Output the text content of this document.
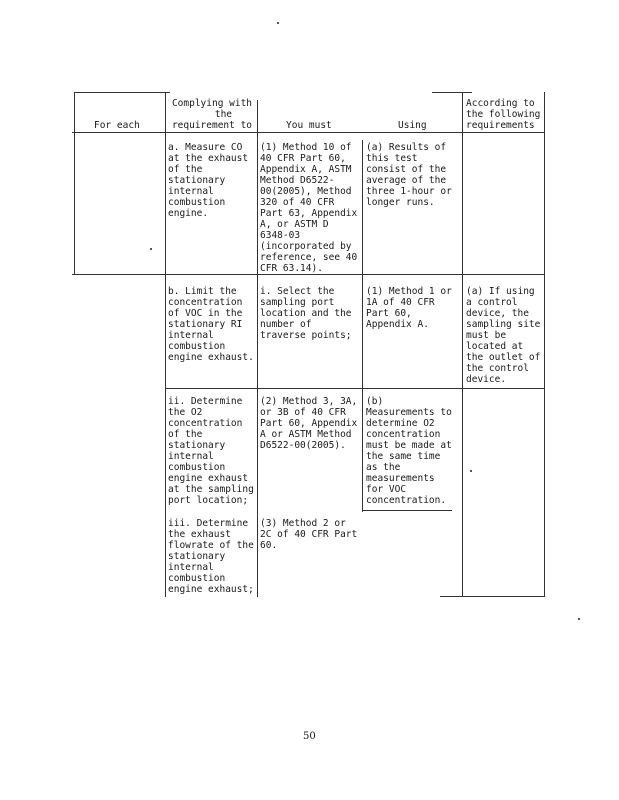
For each
Complying with
the
requirement to	You must	Using
According to
the following
requirements
a. Measure CO
at the exhaust
of the
stationary
internal
combustion
engine.
(1) Method 10 of
40 CFR Part 60,
Appendix A, ASTM
Method D6522-
00(2005), Method
320 of 40 CFR
Part 63, Appendix
A, or ASTM D
6348-03
(incorporated by
reference, see 40
CFR 63.14).
(a) Results of
this test
consist of the
average of the
three 1-hour or
longer runs.
b. Limit the
concentration
of VOC in the
stationary RI
internal
combustion
engine exhaust.
i. Select the
sampling port
location and the
number of
traverse points;
(1) Method 1 or
1A of 40 CFR
Part 60,
Appendix A.
(a) If using
a control
device, the
sampling site
must be
located at
the outlet of
the control
device.
ii. Determine
the O2
concentration
of the
stationary
internal
combustion
engine exhaust
at the sampling
port location;
(2) Method 3, 3A,
or 3B of 40 CFR
Part 60, Appendix
A or ASTM Method
D6522-00(2005).
(b)
Measurements to
determine O2
concentration
must be made at
the same time
as the
measurements
for VOC
concentration.
iii. Determine
the exhaust
flowrate of the
stationary
internal
combustion
engine exhaust;
(3) Method 2 or
2C of 40 CFR Part
60.
50
